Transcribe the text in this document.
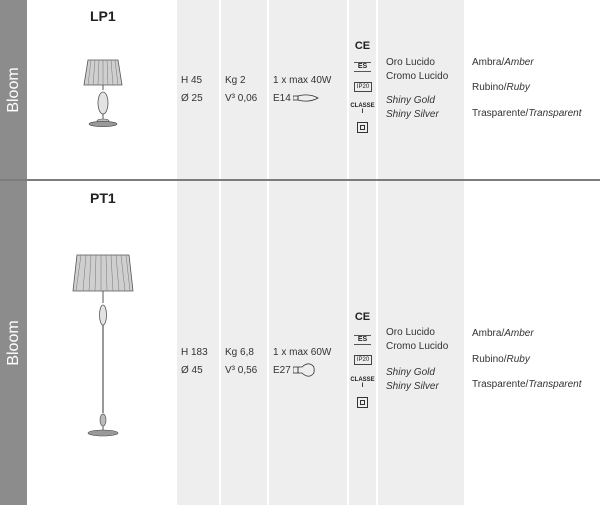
Bloom
LP1
H 45
Ø 25
Kg 2
V³ 0,06
1 x max 40W
E14
CE
ES
IP20
CLASSE I
Oro Lucido
Cromo Lucido
Shiny Gold
Shiny Silver
Ambra/Amber
Rubino/Ruby
Trasparente/Transparent
Bloom
PT1
H 183
Ø 45
Kg 6,8
V³ 0,56
1 x max 60W
E27
CE
ES
IP20
CLASSE I
Oro Lucido
Cromo Lucido
Shiny Gold
Shiny Silver
Ambra/Amber
Rubino/Ruby
Trasparente/Transparent
